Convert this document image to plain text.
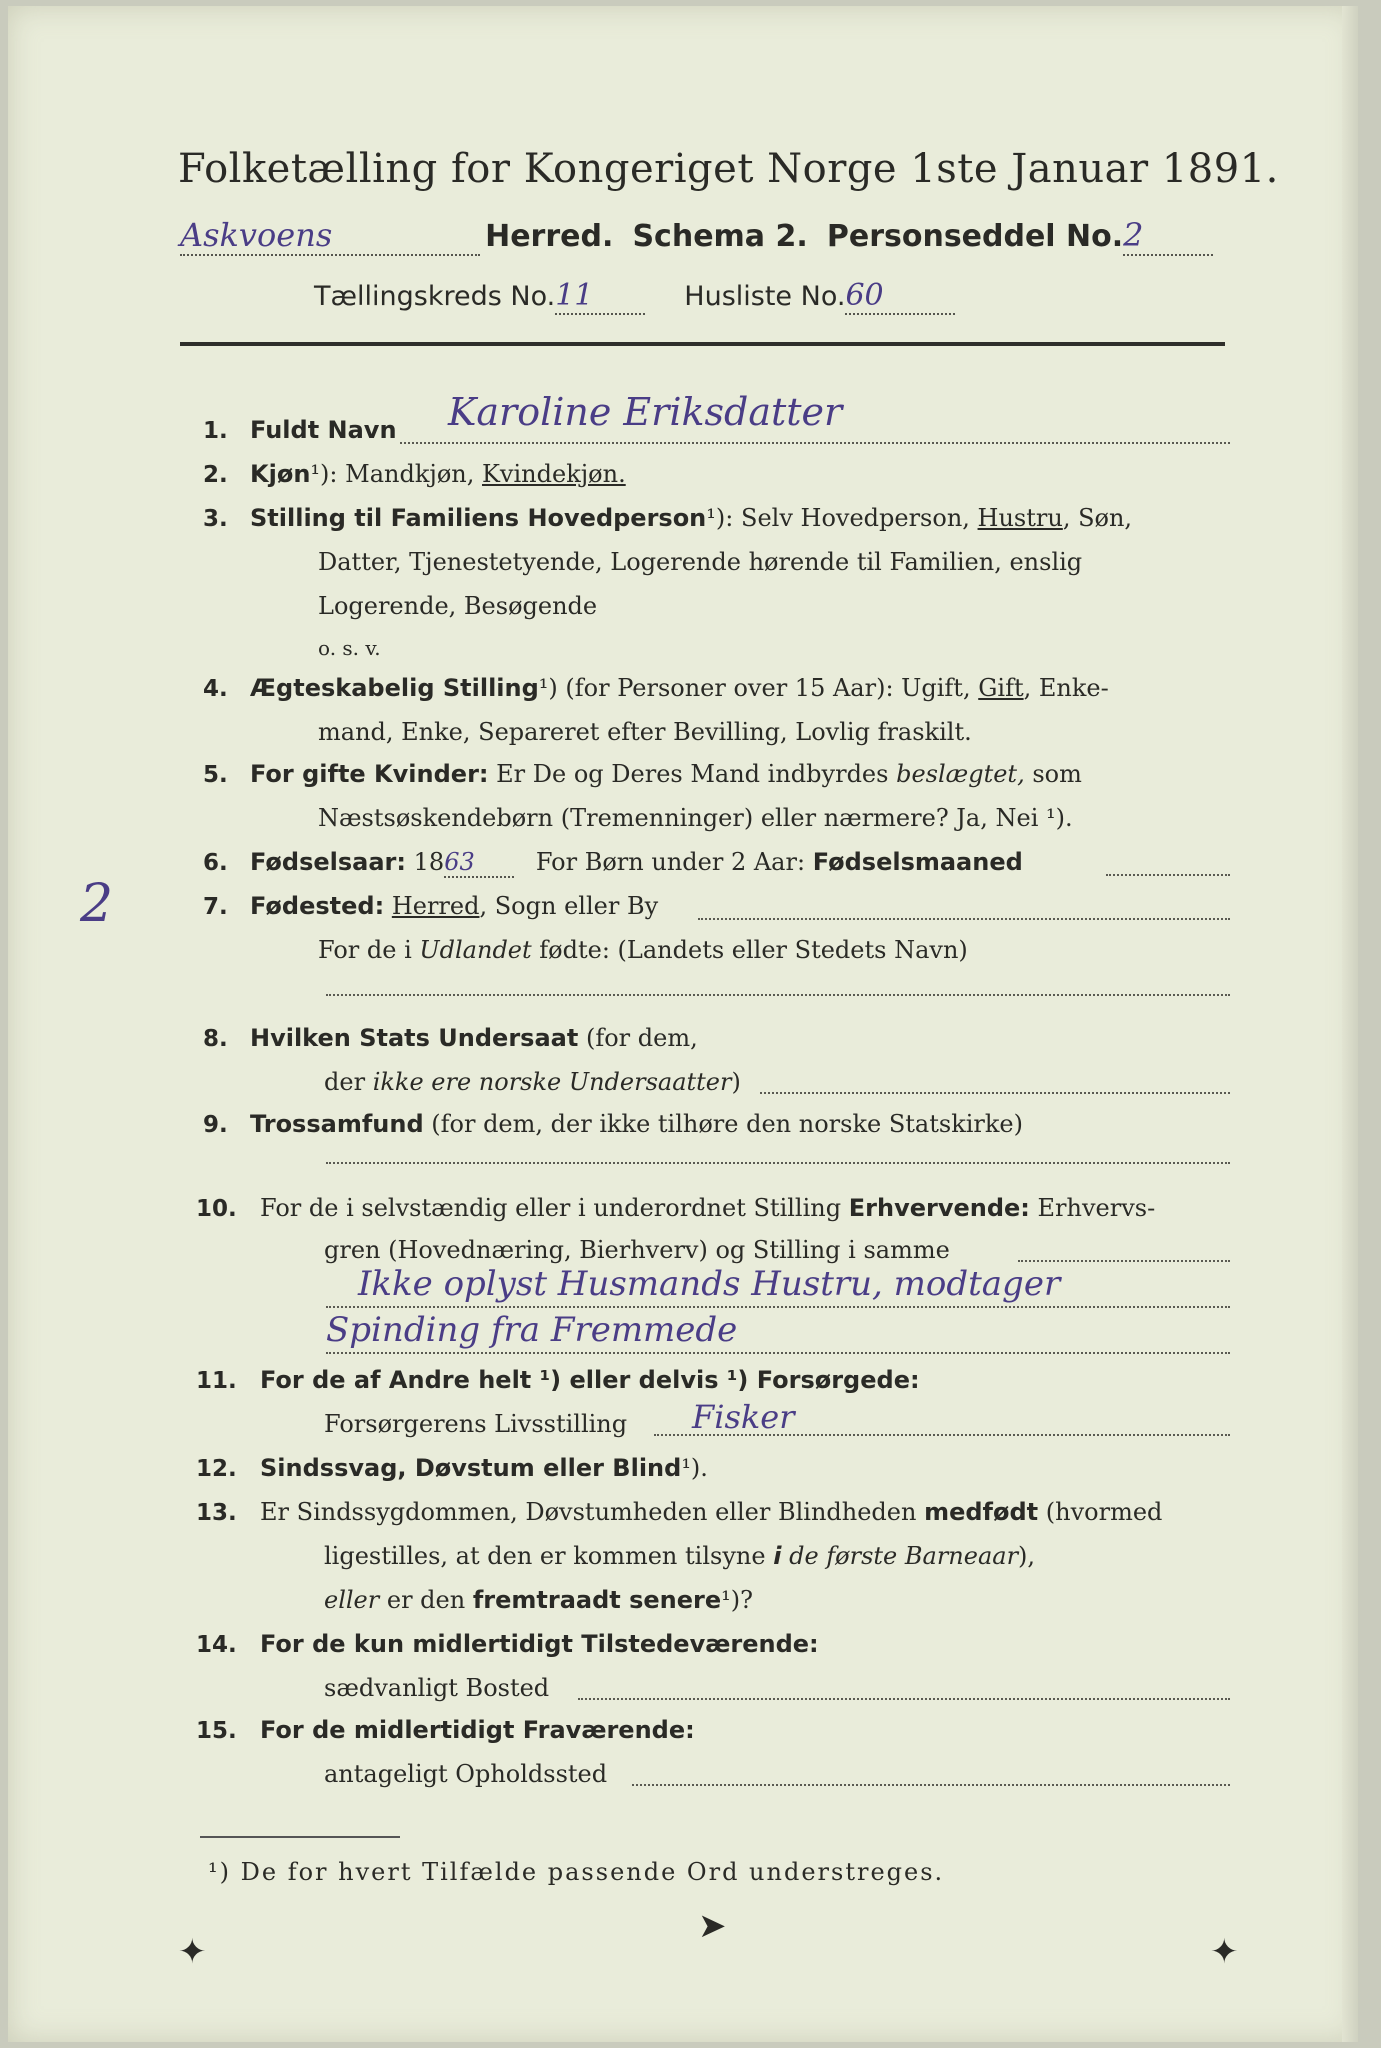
Folketælling for Kongeriget Norge 1ste Januar 1891.
Askvoens	Herred. Schema 2. Personseddel No.2
Tællingskreds No.11	Husliste No.60
1. Fuldt Navn Karoline Eriksdatter
2. Kjøn¹): Mandkjøn, Kvindekjøn.
3. Stilling til Familiens Hovedperson¹): Selv Hovedperson, Hustru, Søn,
Datter, Tjenestetyende, Logerende hørende til Familien, enslig
Logerende, Besøgende
o. s. v.
4. Ægteskabelig Stilling¹) (for Personer over 15 Aar): Ugift, Gift, Enke-
mand, Enke, Separeret efter Bevilling, Lovlig fraskilt.
5. For gifte Kvinder: Er De og Deres Mand indbyrdes beslægtet, som
Næstsøskendebørn (Tremenninger) eller nærmere? Ja, Nei ¹).
6. Fødselsaar: 1863	For Børn under 2 Aar: Fødselsmaaned
2	7. Fødested: Herred, Sogn eller By
For de i Udlandet fødte: (Landets eller Stedets Navn)
8. Hvilken Stats Undersaat (for dem,
der ikke ere norske Undersaatter)
9. Trossamfund (for dem, der ikke tilhøre den norske Statskirke)
10. For de i selvstændig eller i underordnet Stilling Erhvervende: Erhvervs-
gren (Hovednæring, Bierhverv) og Stilling i samme
Ikke oplyst Husmands Hustru, modtager
Spinding fra Fremmede
11. For de af Andre helt ¹) eller delvis ¹) Forsørgede:
Forsørgerens Livsstilling Fisker
12. Sindssvag, Døvstum eller Blind¹).
13. Er Sindssygdommen, Døvstumheden eller Blindheden medfødt (hvormed
ligestilles, at den er kommen tilsyne i de første Barneaar),
eller er den fremtraadt senere¹)?
14. For de kun midlertidigt Tilstedeværende:
sædvanligt Bosted
15. For de midlertidigt Fraværende:
antageligt Opholdssted
¹) De for hvert Tilfælde passende Ord understreges.
✦
➤
✦
